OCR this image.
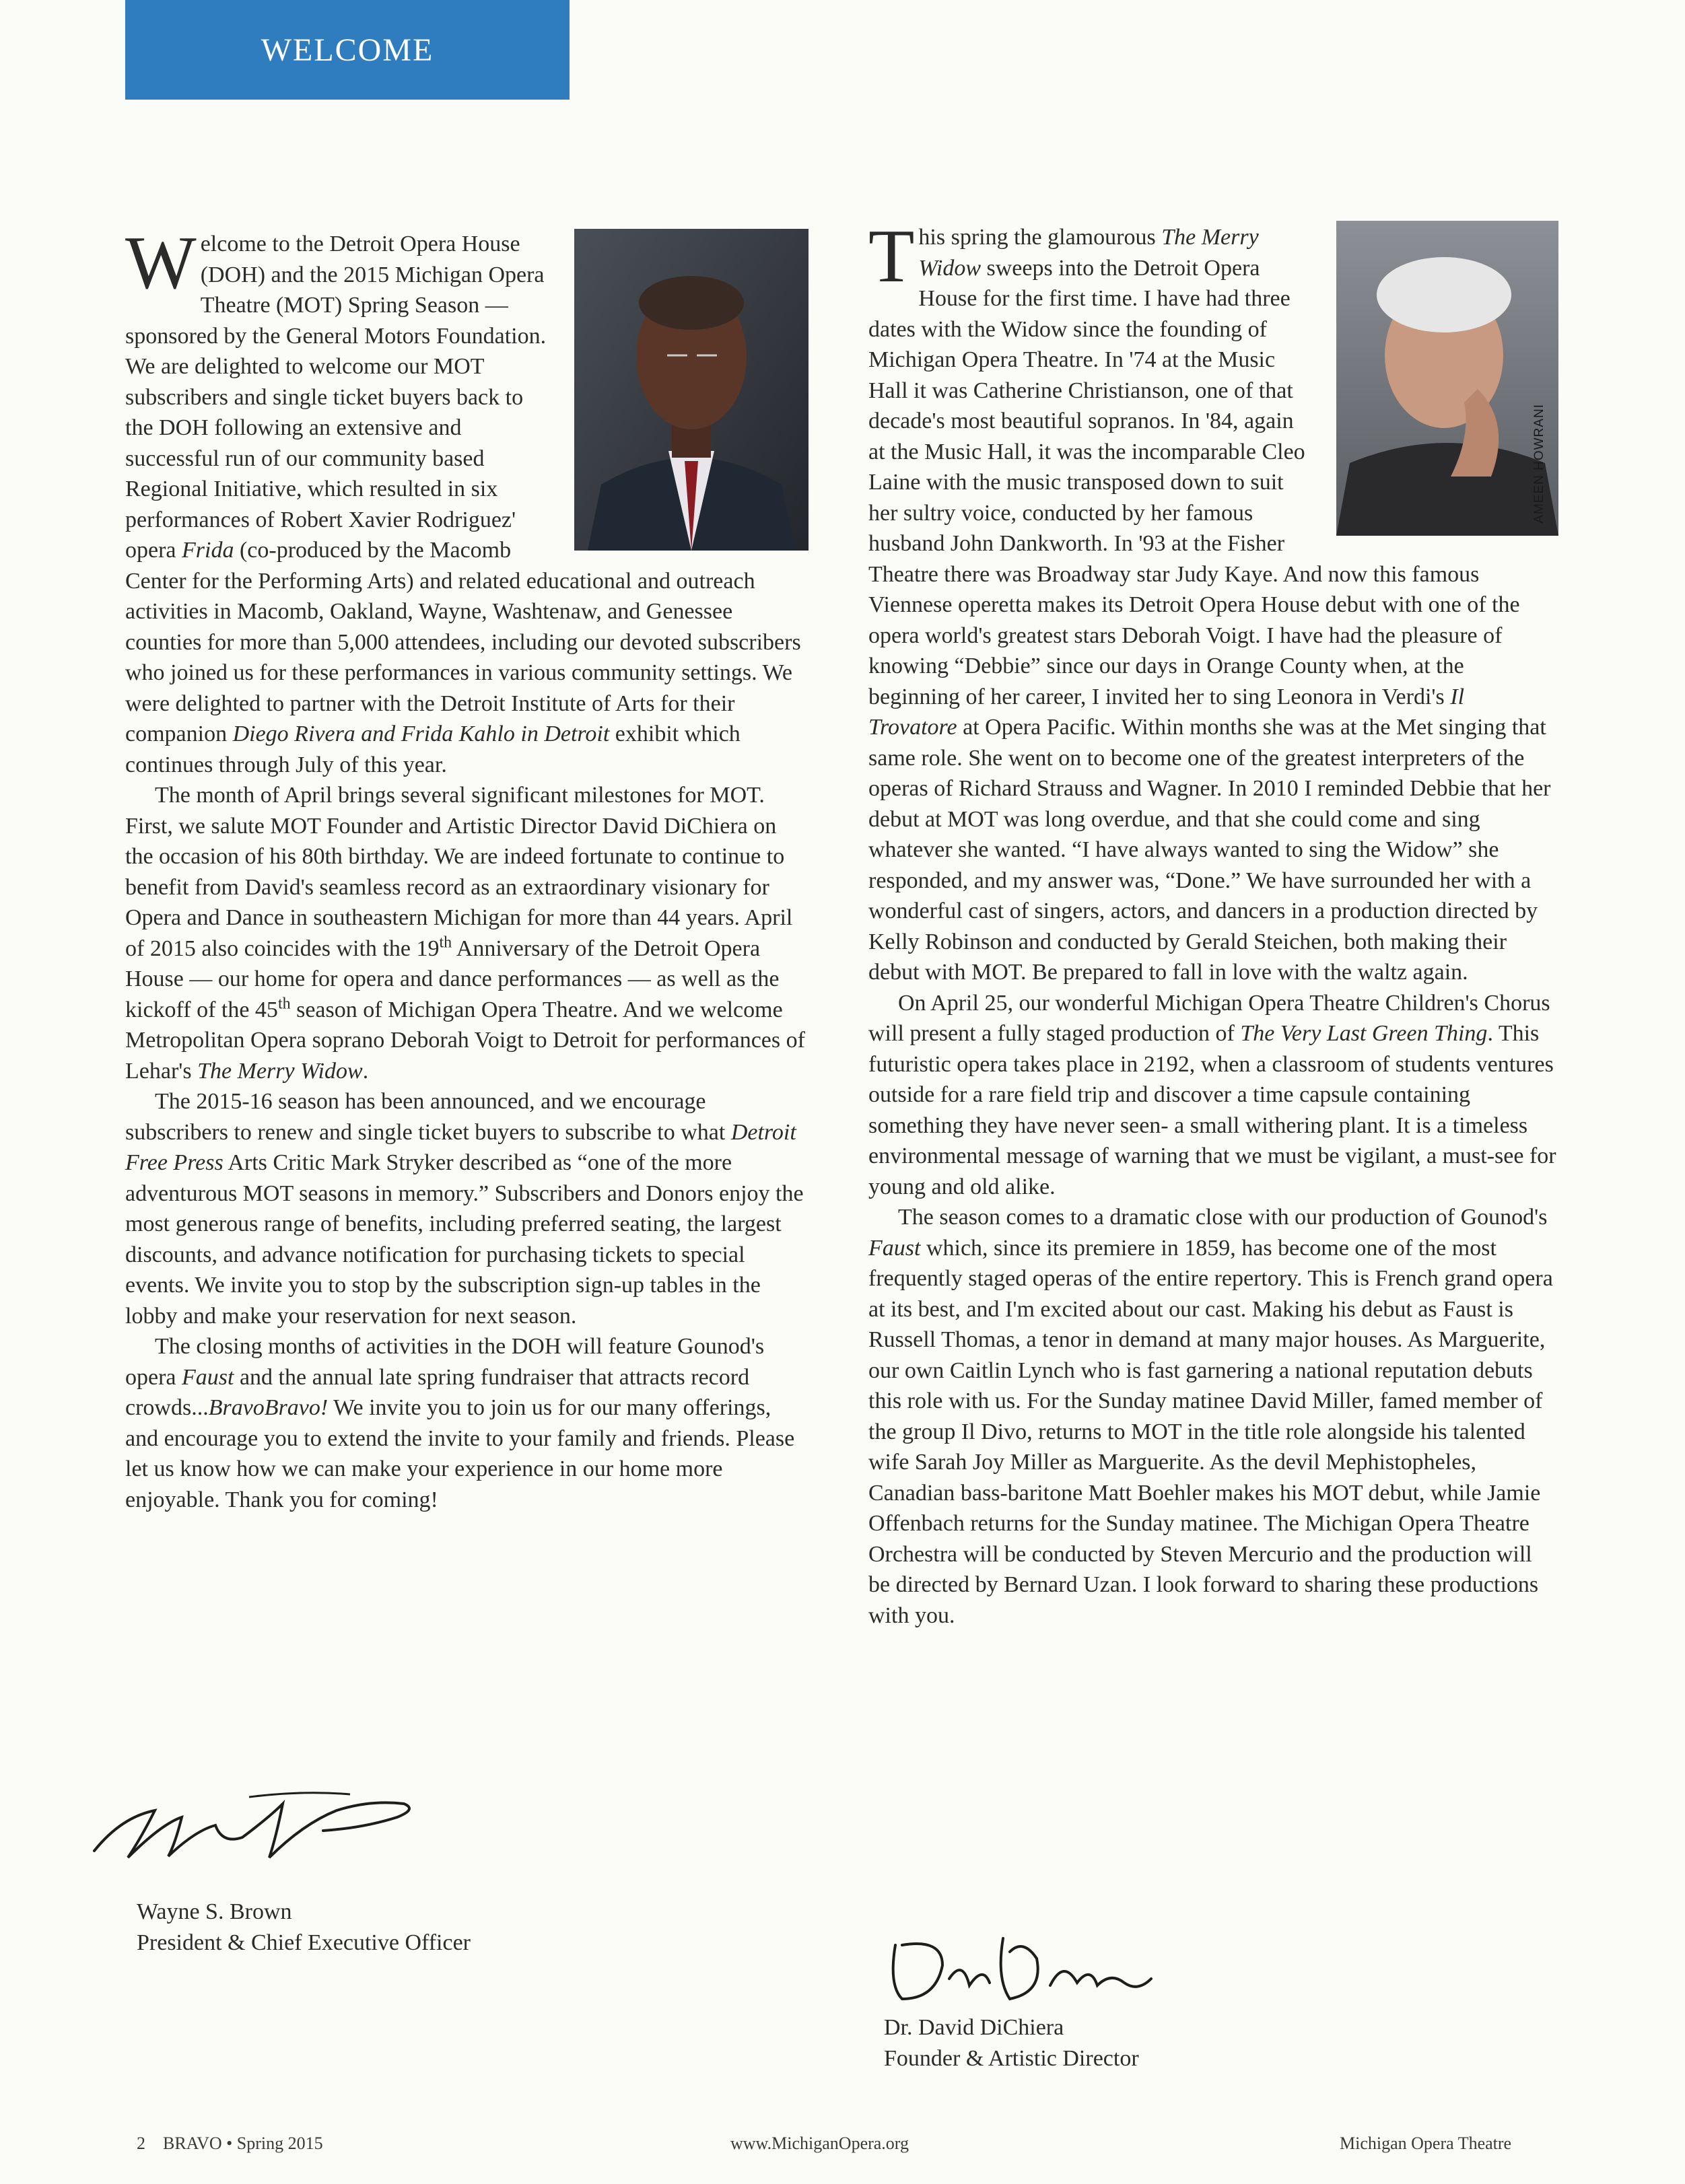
WELCOME

Welcome to the Detroit Opera House (DOH) and the 2015 Michigan Opera Theatre (MOT) Spring Season — sponsored by the General Motors Foundation. We are delighted to welcome our MOT subscribers and single ticket buyers back to the DOH following an extensive and successful run of our community based Regional Initiative, which resulted in six performances of Robert Xavier Rodriguez' opera Frida (co-produced by the Macomb Center for the Performing Arts) and related educational and outreach activities in Macomb, Oakland, Wayne, Washtenaw, and Genessee counties for more than 5,000 attendees, including our devoted subscribers who joined us for these performances in various community settings. We were delighted to partner with the Detroit Institute of Arts for their companion Diego Rivera and Frida Kahlo in Detroit exhibit which continues through July of this year.

The month of April brings several significant milestones for MOT. First, we salute MOT Founder and Artistic Director David DiChiera on the occasion of his 80th birthday. We are indeed fortunate to continue to benefit from David's seamless record as an extraordinary visionary for Opera and Dance in southeastern Michigan for more than 44 years. April of 2015 also coincides with the 19th Anniversary of the Detroit Opera House — our home for opera and dance performances — as well as the kickoff of the 45th season of Michigan Opera Theatre. And we welcome Metropolitan Opera soprano Deborah Voigt to Detroit for performances of Lehar's The Merry Widow.

The 2015-16 season has been announced, and we encourage subscribers to renew and single ticket buyers to subscribe to what Detroit Free Press Arts Critic Mark Stryker described as “one of the more adventurous MOT seasons in memory.” Subscribers and Donors enjoy the most generous range of benefits, including preferred seating, the largest discounts, and advance notification for purchasing tickets to special events. We invite you to stop by the subscription sign-up tables in the lobby and make your reservation for next season.

The closing months of activities in the DOH will feature Gounod's opera Faust and the annual late spring fundraiser that attracts record crowds...BravoBravo! We invite you to join us for our many offerings, and encourage you to extend the invite to your family and friends. Please let us know how we can make your experience in our home more enjoyable. Thank you for coming!

Wayne S. Brown
President & Chief Executive Officer
AMEEN HOWRANI

This spring the glamourous The Merry Widow sweeps into the Detroit Opera House for the first time. I have had three dates with the Widow since the founding of Michigan Opera Theatre. In '74 at the Music Hall it was Catherine Christianson, one of that decade's most beautiful sopranos. In '84, again at the Music Hall, it was the incomparable Cleo Laine with the music transposed down to suit her sultry voice, conducted by her famous husband John Dankworth. In '93 at the Fisher Theatre there was Broadway star Judy Kaye. And now this famous Viennese operetta makes its Detroit Opera House debut with one of the opera world's greatest stars Deborah Voigt. I have had the pleasure of knowing “Debbie” since our days in Orange County when, at the beginning of her career, I invited her to sing Leonora in Verdi's Il Trovatore at Opera Pacific. Within months she was at the Met singing that same role. She went on to become one of the greatest interpreters of the operas of Richard Strauss and Wagner. In 2010 I reminded Debbie that her debut at MOT was long overdue, and that she could come and sing whatever she wanted. “I have always wanted to sing the Widow” she responded, and my answer was, “Done.” We have surrounded her with a wonderful cast of singers, actors, and dancers in a production directed by Kelly Robinson and conducted by Gerald Steichen, both making their debut with MOT. Be prepared to fall in love with the waltz again.

On April 25, our wonderful Michigan Opera Theatre Children's Chorus will present a fully staged production of The Very Last Green Thing. This futuristic opera takes place in 2192, when a classroom of students ventures outside for a rare field trip and discover a time capsule containing something they have never seen- a small withering plant. It is a timeless environmental message of warning that we must be vigilant, a must-see for young and old alike.

The season comes to a dramatic close with our production of Gounod's Faust which, since its premiere in 1859, has become one of the most frequently staged operas of the entire repertory. This is French grand opera at its best, and I'm excited about our cast. Making his debut as Faust is Russell Thomas, a tenor in demand at many major houses. As Marguerite, our own Caitlin Lynch who is fast garnering a national reputation debuts this role with us. For the Sunday matinee David Miller, famed member of the group Il Divo, returns to MOT in the title role alongside his talented wife Sarah Joy Miller as Marguerite. As the devil Mephistopheles, Canadian bass-baritone Matt Boehler makes his MOT debut, while Jamie Offenbach returns for the Sunday matinee. The Michigan Opera Theatre Orchestra will be conducted by Steven Mercurio and the production will be directed by Bernard Uzan. I look forward to sharing these productions with you.

Dr. David DiChiera
Founder & Artistic Director
2    BRAVO • Spring 2015	www.MichiganOpera.org	Michigan Opera Theatre
